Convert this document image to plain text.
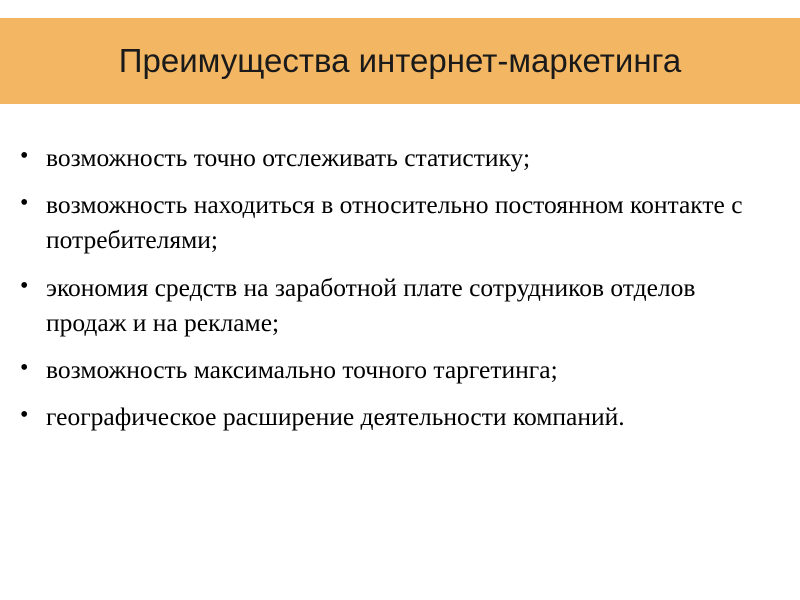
Преимущества интернет-маркетинга
• возможность точно отслеживать статистику;
• возможность находиться в относительно постоянном контакте с потребителями;
• экономия средств на заработной плате сотрудников отделов продаж и на рекламе;
• возможность максимально точного таргетинга;
• географическое расширение деятельности компаний.
